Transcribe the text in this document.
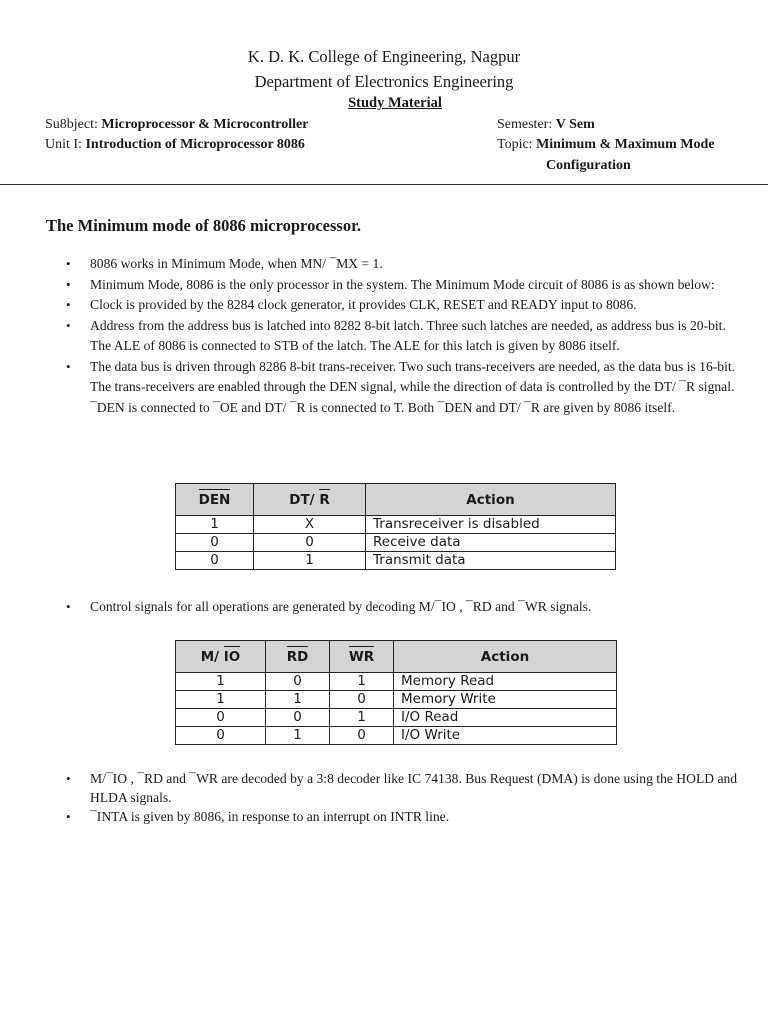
K. D. K. College of Engineering, Nagpur
Department of Electronics Engineering
Study Material
Su8bject: Microprocessor & Microcontroller
Unit I: Introduction of Microprocessor 8086
Semester: V Sem
Topic: Minimum & Maximum Mode
Configuration
The Minimum mode of 8086 microprocessor.
• 8086 works in Minimum Mode, when MN/ ¯MX = 1.
• Minimum Mode, 8086 is the only processor in the system. The Minimum Mode circuit of 8086 is as shown below:
• Clock is provided by the 8284 clock generator, it provides CLK, RESET and READY input to 8086.
• Address from the address bus is latched into 8282 8-bit latch. Three such latches are needed, as address bus is 20-bit. The ALE of 8086 is connected to STB of the latch. The ALE for this latch is given by 8086 itself.
• The data bus is driven through 8286 8-bit trans-receiver. Two such trans-receivers are needed, as the data bus is 16-bit. The trans-receivers are enabled through the DEN signal, while the direction of data is controlled by the DT/ ¯R signal. ¯DEN is connected to ¯OE and DT/ ¯R is connected to T. Both ¯DEN and DT/ ¯R are given by 8086 itself.
DEN	DT/ R	Action
1	X	Transreceiver is disabled
0	0	Receive data
0	1	Transmit data
• Control signals for all operations are generated by decoding M/¯IO , ¯RD and ¯WR signals.
M/ IO	RD	WR	Action
1	0	1	Memory Read
1	1	0	Memory Write
0	0	1	I/O Read
0	1	0	I/O Write
• M/¯IO , ¯RD and ¯WR are decoded by a 3:8 decoder like IC 74138. Bus Request (DMA) is done using the HOLD and HLDA signals.
• ¯INTA is given by 8086, in response to an interrupt on INTR line.
